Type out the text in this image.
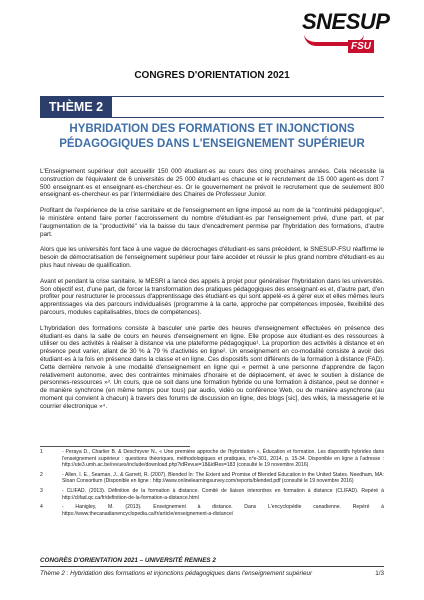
SNESUP
FSU
CONGRES D'ORIENTATION 2021
THÈME 2
HYBRIDATION DES FORMATIONS ET INJONCTIONS
PÉDAGOGIQUES DANS L'ENSEIGNEMENT SUPÉRIEUR

L'Enseignement supérieur doit accueillir 150 000 étudiant·es au cours des cinq prochaines années. Cela nécessite la construction de l'équivalent de 6 universités de 25 000 étudiant·es chacune et le recrutement de 15 000 agent·es dont 7 500 enseignant·es et enseignant·es-chercheur·es. Or le gouvernement ne prévoit le recrutement que de seulement 800 enseignant·es-chercheur·es par l'intermédiaire des Chaires de Professeur Junior.

Profitant de l'expérience de la crise sanitaire et de l'enseignement en ligne imposé au nom de la "continuité pédagogique", le ministère entend faire porter l'accroissement du nombre d'étudiant·es par l'enseignement privé, d'une part, et par l'augmentation de la "productivité" via la baisse du taux d'encadrement permise par l'hybridation des formations, d'autre part.

Alors que les universités font face à une vague de décrochages d'étudiant·es sans précédent, le SNESUP-FSU réaffirme le besoin de démocratisation de l'enseignement supérieur pour faire accéder et réussir le plus grand nombre d'étudiant·es au plus haut niveau de qualification.

Avant et pendant la crise sanitaire, le MESRI a lancé des appels à projet pour généraliser l'hybridation dans les universités. Son objectif est, d'une part, de forcer la transformation des pratiques pédagogiques des enseignant·es et, d'autre part, d'en profiter pour restructurer le processus d'apprentissage des étudiant·es qui sont appelé·es à gérer eux et elles mêmes leurs apprentissages via des parcours individualisés (programme à la carte, approche par compétences imposée, flexibilité des parcours, modules capitalisables, blocs de compétences).

L'hybridation des formations consiste à basculer une partie des heures d'enseignement effectuées en présence des étudiant·es dans la salle de cours en heures d'enseignement en ligne. Elle propose aux étudiant·es des ressources à utiliser ou des activités à réaliser à distance via une plateforme pédagogique¹. La proportion des activités à distance et en présence peut varier, allant de 30 % à 79 % d'activités en ligne². Un enseignement en co-modalité consiste à avoir des étudiant·es à la fois en présence dans la classe et en ligne. Ces dispositifs sont différents de la formation à distance (FAD). Cette dernière renvoie à une modalité d'enseignement en ligne qui « permet à une personne d'apprendre de façon relativement autonome, avec des contraintes minimales d'horaire et de déplacement, et avec le soutien à distance de personnes-ressources »³. Un cours, que ce soit dans une formation hybride ou une formation à distance, peut se donner « de manière synchrone (en même temps pour tous) par audio, vidéo ou conférence Web, ou de manière asynchrone (au moment qui convient à chacun) à travers des forums de discussion en ligne, des blogs [sic], des wikis, la messagerie et le courrier électronique »⁴.

1	- Peraya D., Charlier B. & Deschryver N., « Une première approche de l'hybridation », Éducation et formation. Les dispositifs hybrides dans l'enseignement supérieur : questions théoriques, méthodologiques et pratiques, n°e-301, 2014, p. 15-34. Disponible en ligne à l'adresse : http://ute3.umh.ac.be/revues/include/download.php?idRevue=18&idRes=183 (consulté le 19 novembre 2016)
2	- Allen, I. E., Seaman, J., & Garrett, R. (2007). Blended In: The Extent and Promise of Blended Education in the United States. Needham, MA: Sloan Consortium (Disponible en ligne : http://www.onlinelearningsurvey.com/reports/blended.pdf (consulté le 19 novembre 2016)
3	- CLIFAD. (2013). Définition de la formation à distance. Comité de liaison interordres en formation à distance (CLIFAD). Repéré à http://clifad.qc.ca/fr/definition-de-la-formation-a-distance.html
4	- Hanigley, M. (2013). Enseignement à distance. Dans L'encyclopédie canadienne. Repéré à https://www.thecanadianencyclopedia.ca/fr/article/enseignement-a-distance/
CONGRÈS D'ORIENTATION 2021 – UNIVERSITÉ RENNES 2
Thème 2 : Hybridation des formations et injonctions pédagogiques dans l'enseignement supérieur	1/3
